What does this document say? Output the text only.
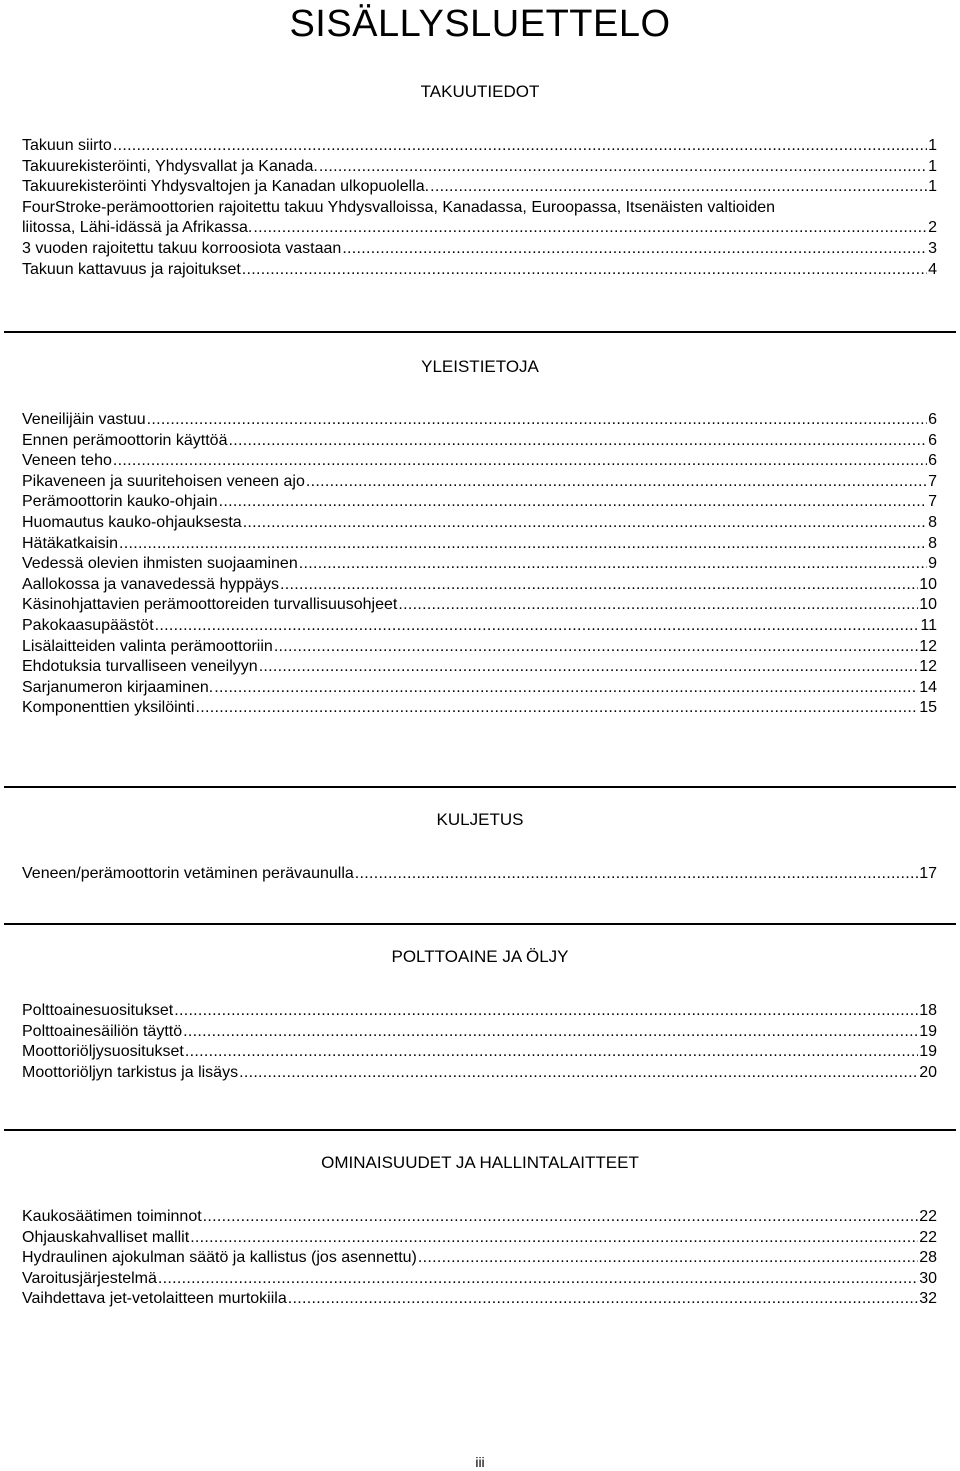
SISÄLLYSLUETTELO
TAKUUTIEDOT
Takuun siirto .....	1
Takuurekisteröinti, Yhdysvallat ja Kanada. .....	1
Takuurekisteröinti Yhdysvaltojen ja Kanadan ulkopuolella. .....	1
FourStroke-perämoottorien rajoitettu takuu Yhdysvalloissa, Kanadassa, Euroopassa, Itsenäisten valtioiden
liitossa, Lähi-idässä ja Afrikassa. .....	2
3 vuoden rajoitettu takuu korroosiota vastaan .....	3
Takuun kattavuus ja rajoitukset .....	4
YLEISTIETOJA
Veneilijäin vastuu .....	6
Ennen perämoottorin käyttöä .....	6
Veneen teho .....	6
Pikaveneen ja suuritehoisen veneen ajo .....	7
Perämoottorin kauko-ohjain .....	7
Huomautus kauko-ohjauksesta .....	8
Hätäkatkaisin .....	8
Vedessä olevien ihmisten suojaaminen .....	9
Aallokossa ja vanavedessä hyppäys .....	10
Käsinohjattavien perämoottoreiden turvallisuusohjeet .....	10
Pakokaasupäästöt .....	11
Lisälaitteiden valinta perämoottoriin .....	12
Ehdotuksia turvalliseen veneilyyn .....	12
Sarjanumeron kirjaaminen. .....	14
Komponenttien yksilöinti .....	15
KULJETUS
Veneen/perämoottorin vetäminen perävaunulla .....	17
POLTTOAINE JA ÖLJY
Polttoainesuositukset .....	18
Polttoainesäiliön täyttö .....	19
Moottoriöljysuositukset .....	19
Moottoriöljyn tarkistus ja lisäys .....	20
OMINAISUUDET JA HALLINTALAITTEET
Kaukosäätimen toiminnot .....	22
Ohjauskahvalliset mallit .....	22
Hydraulinen ajokulman säätö ja kallistus (jos asennettu) .....	28
Varoitusjärjestelmä .....	30
Vaihdettava jet-vetolaitteen murtokiila .....	32
iii
